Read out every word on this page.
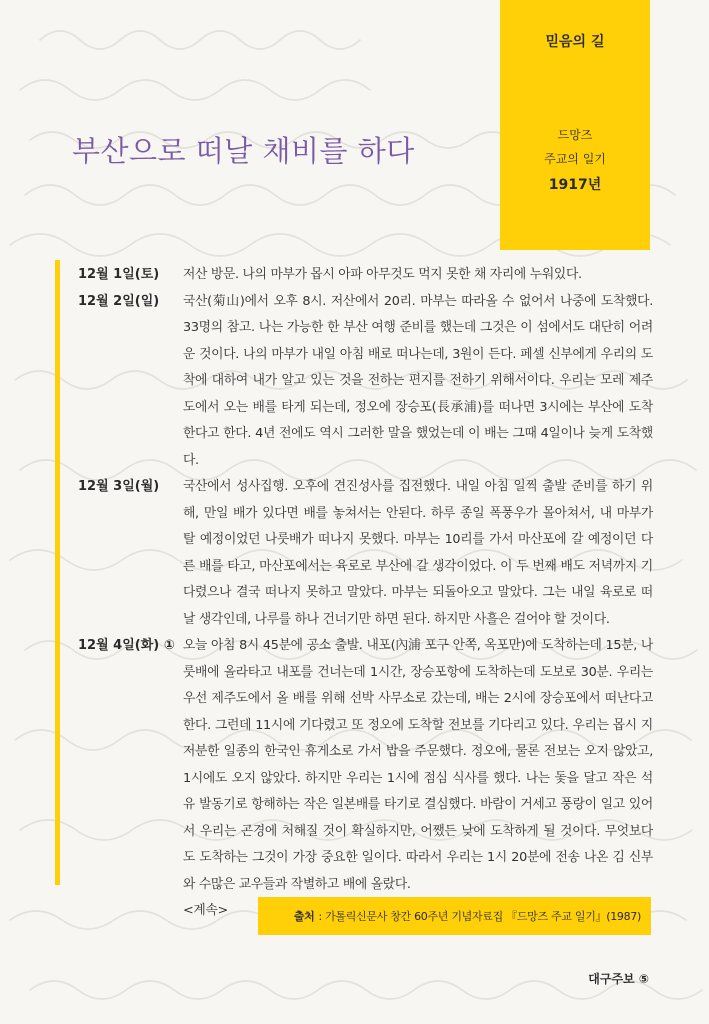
믿음의 길
드망즈
주교의 일기
1917년
부산으로 떠날 채비를 하다
12월 1일(토)	저산 방문. 나의 마부가 몹시 아파 아무것도 먹지 못한 채 자리에 누워있다.
12월 2일(일)	국산(菊山)에서 오후 8시. 저산에서 20리. 마부는 따라올 수 없어서 나중에 도착했다. 33명의 참고. 나는 가능한 한 부산 여행 준비를 했는데 그것은 이 섬에서도 대단히 어려운 것이다. 나의 마부가 내일 아침 배로 떠나는데, 3원이 든다. 페셀 신부에게 우리의 도착에 대하여 내가 알고 있는 것을 전하는 편지를 전하기 위해서이다. 우리는 모레 제주도에서 오는 배를 타게 되는데, 정오에 장승포(長承浦)를 떠나면 3시에는 부산에 도착한다고 한다. 4년 전에도 역시 그러한 말을 했었는데 이 배는 그때 4일이나 늦게 도착했다.
12월 3일(월)	국산에서 성사집행. 오후에 견진성사를 집전했다. 내일 아침 일찍 출발 준비를 하기 위해, 만일 배가 있다면 배를 놓쳐서는 안된다. 하루 종일 폭풍우가 몰아쳐서, 내 마부가 탈 예정이었던 나룻배가 떠나지 못했다. 마부는 10리를 가서 마산포에 갈 예정이던 다른 배를 타고, 마산포에서는 육로로 부산에 갈 생각이었다. 이 두 번째 배도 저녁까지 기다렸으나 결국 떠나지 못하고 말았다. 마부는 되돌아오고 말았다. 그는 내일 육로로 떠날 생각인데, 나루를 하나 건너기만 하면 된다. 하지만 사흘은 걸어야 할 것이다.
12월 4일(화) ① 오늘 아침 8시 45분에 공소 출발. 내포(內浦 포구 안쪽, 옥포만)에 도착하는데 15분, 나룻배에 올라타고 내포를 건너는데 1시간, 장승포항에 도착하는데 도보로 30분. 우리는 우선 제주도에서 올 배를 위해 선박 사무소로 갔는데, 배는 2시에 장승포에서 떠난다고 한다. 그런데 11시에 기다렸고 또 정오에 도착할 전보를 기다리고 있다. 우리는 몹시 지저분한 일종의 한국인 휴게소로 가서 밥을 주문했다. 정오에, 물론 전보는 오지 않았고, 1시에도 오지 않았다. 하지만 우리는 1시에 점심 식사를 했다. 나는 돛을 달고 작은 석유 발동기로 항해하는 작은 일본배를 타기로 결심했다. 바람이 거세고 풍랑이 일고 있어서 우리는 곤경에 처해질 것이 확실하지만, 어쨌든 낮에 도착하게 될 것이다. 무엇보다도 도착하는 그것이 가장 중요한 일이다. 따라서 우리는 1시 20분에 전송 나온 김 신부와 수많은 교우들과 작별하고 배에 올랐다.
<계속>	출처 : 가톨릭신문사 창간 60주년 기념자료집 『드망즈 주교 일기』(1987)
대구주보 ⑤
